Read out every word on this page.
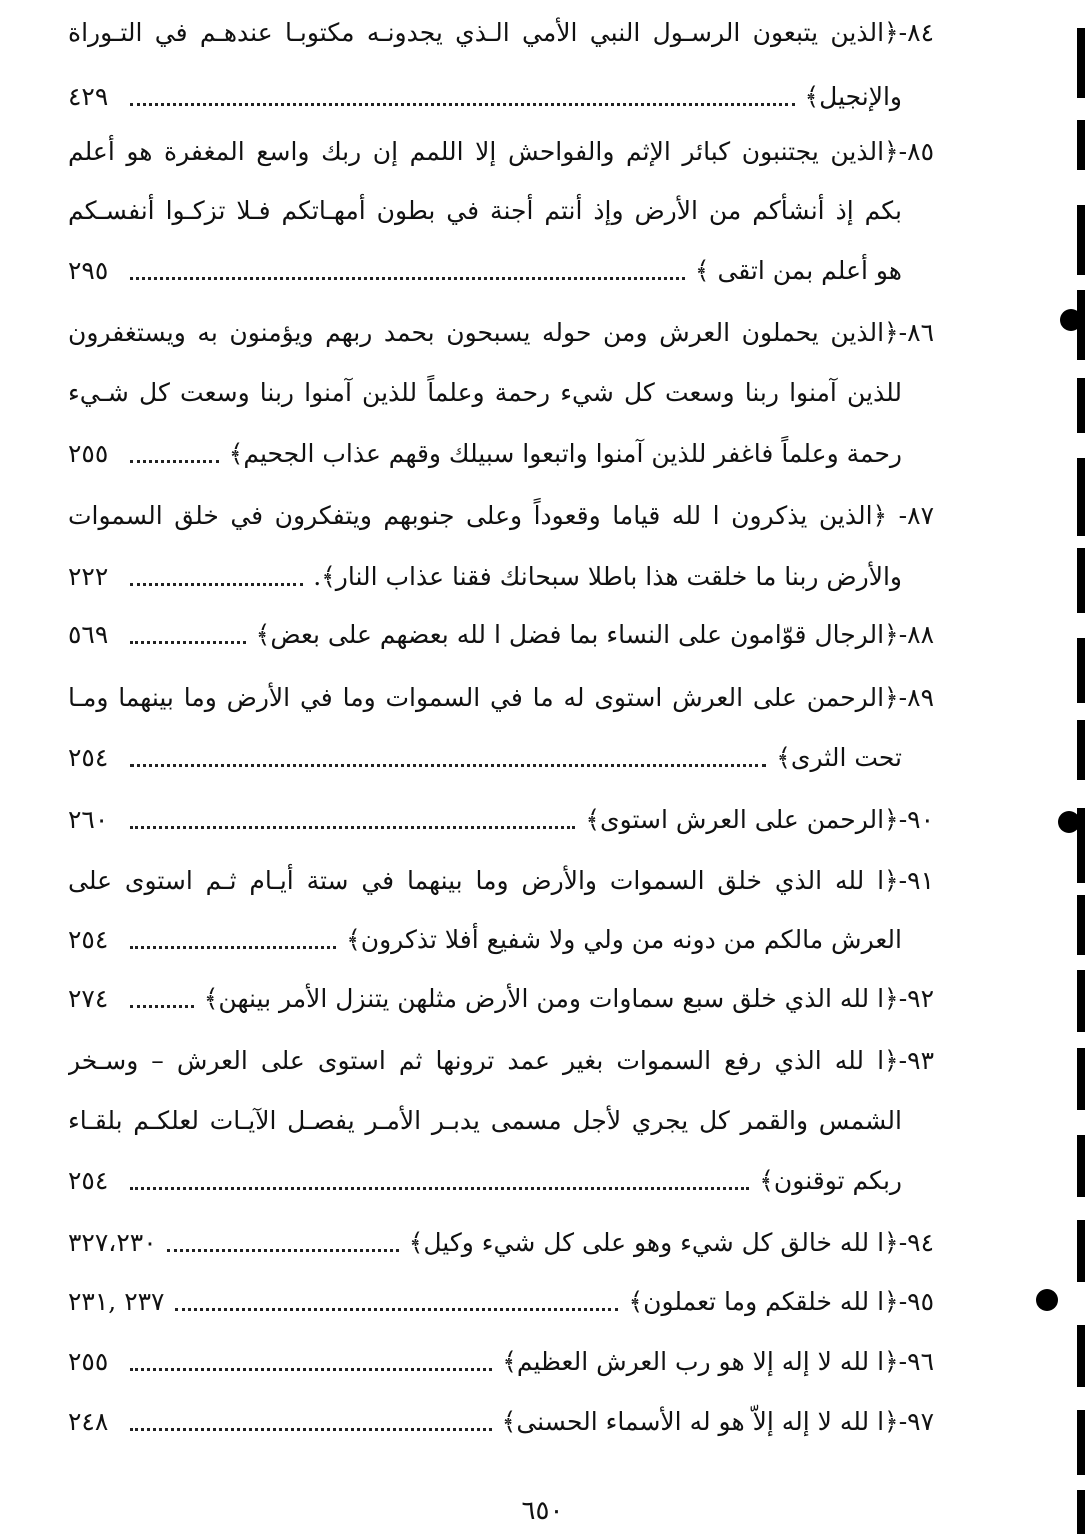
٨٤-﴿الذين يتبعون الرسـول النبي الأمي الـذي يجدونـه مكتوبـا عندهـم في التـوراة
والإنجيل﴾
٤٢٩
٨٥-﴿الذين يجتنبون كبائر الإثم والفواحش إلا اللمم إن ربك واسع المغفرة هو أعلم
بكم إذ أنشأكم من الأرض وإذ أنتم أجنة في بطون أمهـاتكم فـلا تزكـوا أنفسـكم
هو أعلم بمن اتقى ﴾
٢٩٥
٨٦-﴿الذين يحملون العرش ومن حوله يسبحون بحمد ربهم ويؤمنون به ويستغفرون
للذين آمنوا ربنا وسعت كل شيء رحمة وعلماً للذين آمنوا ربنا وسعت كل شـيء
رحمة وعلماً فاغفر للذين آمنوا واتبعوا سبيلك وقهم عذاب الجحيم﴾
٢٥٥
٨٧- ﴿الذين يذكرون ا لله قياما وقعوداً وعلى جنوبهم ويتفكرون في خلق السموات
والأرض ربنا ما خلقت هذا باطلا سبحانك فقنا عذاب النار﴾.
٢٢٢
٨٨-﴿الرجال قوّامون على النساء بما فضل ا لله بعضهم على بعض﴾
٥٦٩
٨٩-﴿الرحمن على العرش استوى له ما في السموات وما في الأرض وما بينهما ومـا
تحت الثرى﴾
٢٥٤
٩٠-﴿الرحمن على العرش استوى﴾
٢٦٠
٩١-﴿ا لله الذي خلق السموات والأرض وما بينهما في ستة أيـام ثـم استوى على
العرش مالكم من دونه من ولي ولا شفيع أفلا تذكرون﴾
٢٥٤
٩٢-﴿ا لله الذي خلق سبع سماوات ومن الأرض مثلهن يتنزل الأمر بينهن﴾
٢٧٤
٩٣-﴿ا لله الذي رفع السموات بغير عمد ترونها ثم استوى على العرش – وسـخر
الشمس والقمر كل يجري لأجل مسمى يدبـر الأمـر يفصـل الآيـات لعلكـم بلقـاء
ربكم توقنون﴾
٢٥٤
٩٤-﴿ا لله خالق كل شيء وهو على كل شيء وكيل﴾
٣٢٧،٢٣٠
٩٥-﴿ا لله خلقكم وما تعملون﴾
٢٣٧ ,٢٣١
٩٦-﴿ا لله لا إله إلا هو رب العرش العظيم﴾
٢٥٥
٩٧-﴿ا لله لا إله إلاّ هو له الأسماء الحسنى﴾
٢٤٨
٦٥٠
